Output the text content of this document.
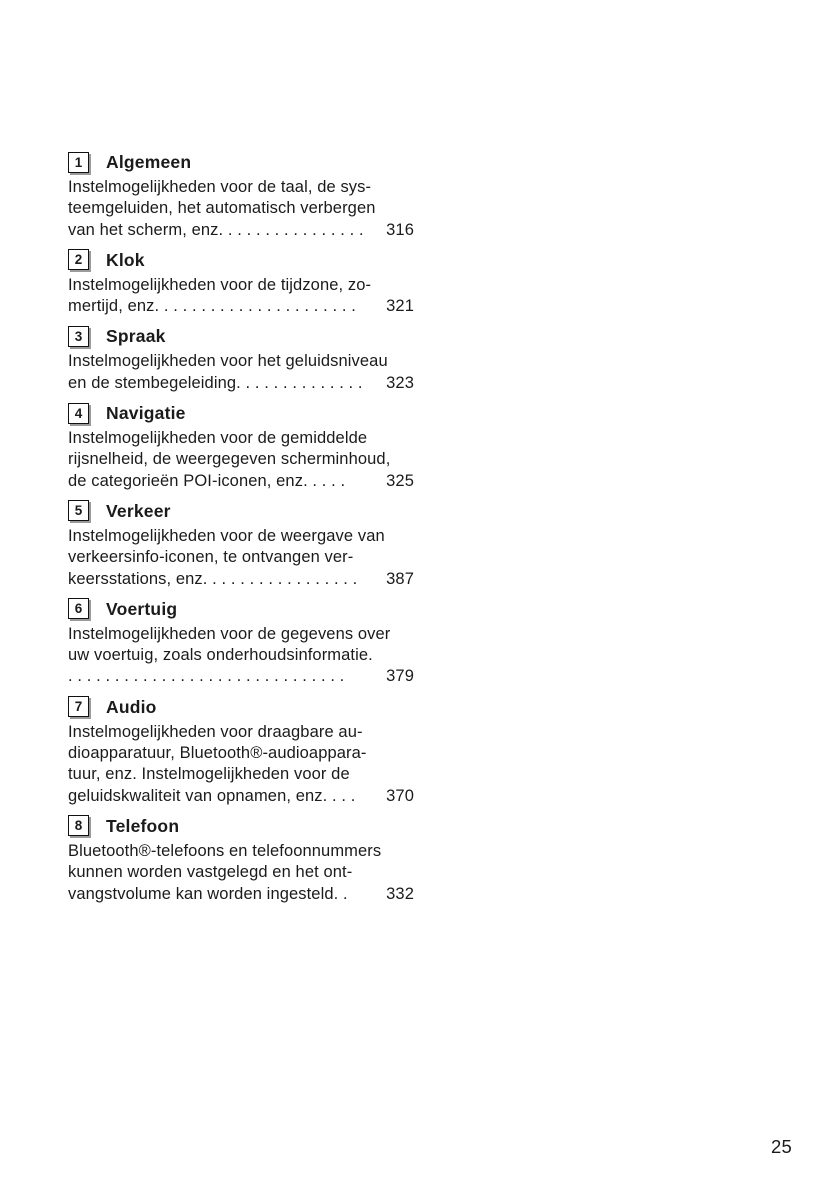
1	Algemeen
Instelmogelijkheden voor de taal, de sys-
teemgeluiden, het automatisch verbergen
van het scherm, enz. . . . . . . . . . . . . . . .	316
2	Klok
Instelmogelijkheden voor de tijdzone, zo-
mertijd, enz. . . . . . . . . . . . . . . . . . . . . .	321
3	Spraak
Instelmogelijkheden voor het geluidsniveau
en de stembegeleiding. . . . . . . . . . . . . .	323
4	Navigatie
Instelmogelijkheden voor de gemiddelde
rijsnelheid, de weergegeven scherminhoud,
de categorieën POI-iconen, enz. . . . .	325
5	Verkeer
Instelmogelijkheden voor de weergave van
verkeersinfo-iconen, te ontvangen ver-
keersstations, enz. . . . . . . . . . . . . . . . .	387
6	Voertuig
Instelmogelijkheden voor de gegevens over
uw voertuig, zoals onderhoudsinformatie.
. . . . . . . . . . . . . . . . . . . . . . . . . . . . . .	379
7	Audio
Instelmogelijkheden voor draagbare au-
dioapparatuur, Bluetooth®-audioappara-
tuur, enz. Instelmogelijkheden voor de
geluidskwaliteit van opnamen, enz. . . .	370
8	Telefoon
Bluetooth®-telefoons en telefoonnummers
kunnen worden vastgelegd en het ont-
vangstvolume kan worden ingesteld. .	332
25
